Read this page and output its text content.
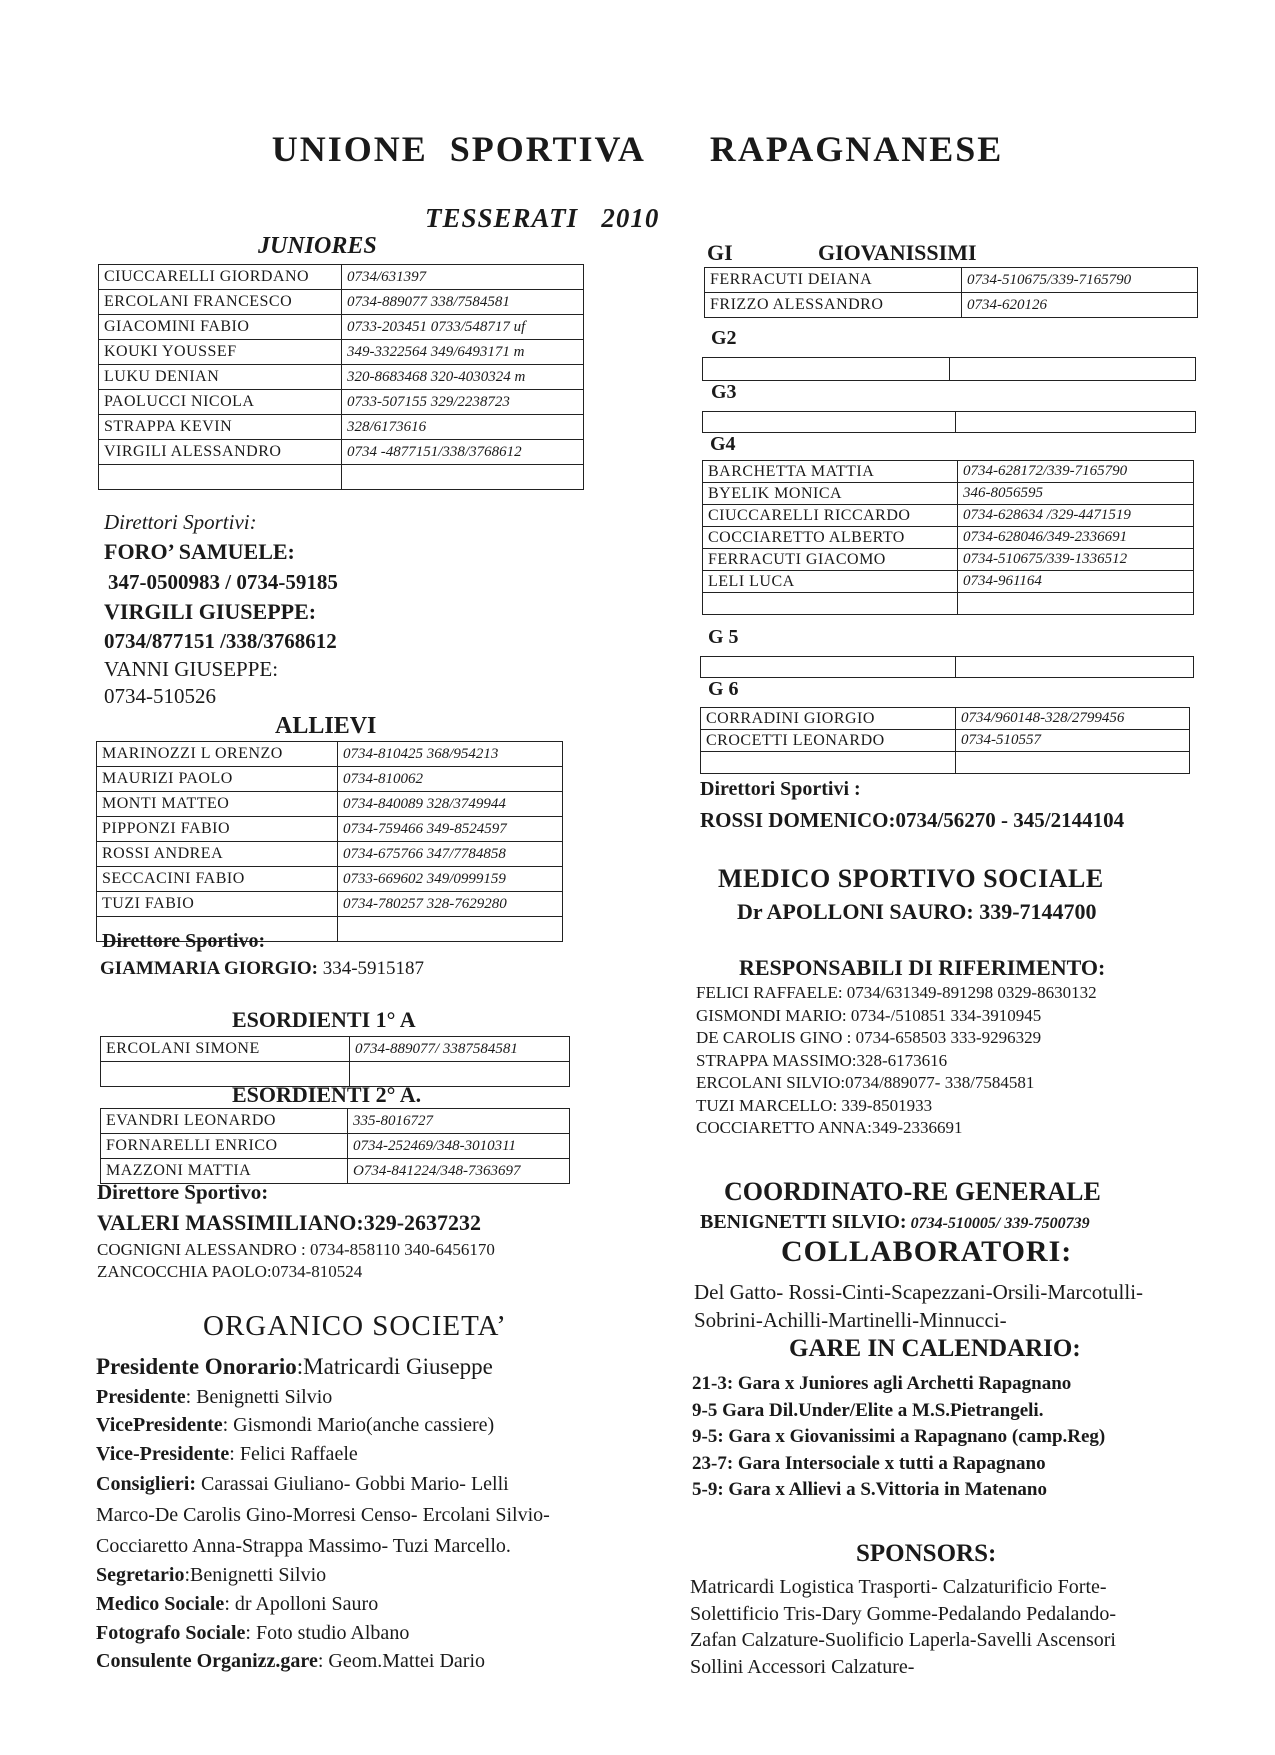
UNIONE  SPORTIVA      RAPAGNANESE
TESSERATI   2010
JUNIORES
CIUCCARELLI GIORDANO	0734/631397
ERCOLANI FRANCESCO	0734-889077 338/7584581
GIACOMINI FABIO	0733-203451 0733/548717 uf
KOUKI YOUSSEF	349-3322564 349/6493171 m
LUKU DENIAN	320-8683468 320-4030324 m
PAOLUCCI NICOLA	0733-507155 329/2238723
STRAPPA KEVIN	328/6173616
VIRGILI ALESSANDRO	0734 -4877151/338/3768612

Direttori Sportivi:
FORO’ SAMUELE:
347-0500983 / 0734-59185
VIRGILI GIUSEPPE:
0734/877151 /338/3768612
VANNI GIUSEPPE:
0734-510526
ALLIEVI
MARINOZZI L ORENZO	0734-810425 368/954213
MAURIZI PAOLO	0734-810062
MONTI MATTEO	0734-840089 328/3749944
PIPPONZI FABIO	0734-759466 349-8524597
ROSSI ANDREA	0734-675766 347/7784858
SECCACINI FABIO	0733-669602 349/0999159
TUZI FABIO	0734-780257 328-7629280

Direttore Sportivo:
GIAMMARIA GIORGIO: 334-5915187
ESORDIENTI 1° A
ERCOLANI SIMONE	0734-889077/ 3387584581

ESORDIENTI 2° A.
EVANDRI LEONARDO	335-8016727
FORNARELLI ENRICO	0734-252469/348-3010311
MAZZONI MATTIA	O734-841224/348-7363697
Direttore Sportivo:
VALERI MASSIMILIANO:329-2637232
COGNIGNI ALESSANDRO : 0734-858110 340-6456170
ZANCOCCHIA PAOLO:0734-810524
ORGANICO SOCIETA’
Presidente Onorario:Matricardi Giuseppe
Presidente: Benignetti Silvio
VicePresidente: Gismondi Mario(anche cassiere)
Vice-Presidente: Felici Raffaele
Consiglieri: Carassai Giuliano- Gobbi Mario- Lelli
Marco-De Carolis Gino-Morresi Censo- Ercolani Silvio-
Cocciaretto Anna-Strappa Massimo- Tuzi Marcello.
Segretario:Benignetti Silvio
Medico Sociale: dr Apolloni Sauro
Fotografo Sociale: Foto studio Albano
Consulente Organizz.gare: Geom.Mattei Dario
GI	GIOVANISSIMI
FERRACUTI DEIANA	0734-510675/339-7165790
FRIZZO ALESSANDRO	0734-620126
G2

G3

G4
BARCHETTA MATTIA	0734-628172/339-7165790
BYELIK MONICA	346-8056595
CIUCCARELLI RICCARDO	0734-628634 /329-4471519
COCCIARETTO ALBERTO	0734-628046/349-2336691
FERRACUTI GIACOMO	0734-510675/339-1336512
LELI LUCA	0734-961164

G 5

G 6
CORRADINI GIORGIO	0734/960148-328/2799456
CROCETTI LEONARDO	0734-510557

Direttori Sportivi :
ROSSI DOMENICO:0734/56270 - 345/2144104
MEDICO SPORTIVO SOCIALE
Dr APOLLONI SAURO: 339-7144700
RESPONSABILI DI RIFERIMENTO:
FELICI RAFFAELE: 0734/631349-891298 0329-8630132
GISMONDI MARIO: 0734-/510851 334-3910945
DE CAROLIS GINO : 0734-658503 333-9296329
STRAPPA MASSIMO:328-6173616
ERCOLANI SILVIO:0734/889077- 338/7584581
TUZI MARCELLO: 339-8501933
COCCIARETTO ANNA:349-2336691
COORDINATO-RE GENERALE
BENIGNETTI SILVIO: 0734-510005/ 339-7500739
COLLABORATORI:
Del Gatto- Rossi-Cinti-Scapezzani-Orsili-Marcotulli-
Sobrini-Achilli-Martinelli-Minnucci-
GARE IN CALENDARIO:
21-3: Gara x Juniores agli Archetti Rapagnano
9-5 Gara Dil.Under/Elite a M.S.Pietrangeli.
9-5: Gara x Giovanissimi a Rapagnano (camp.Reg)
23-7: Gara Intersociale x tutti a Rapagnano
5-9: Gara x Allievi a S.Vittoria in Matenano
SPONSORS:
Matricardi Logistica Trasporti- Calzaturificio Forte-
Solettificio Tris-Dary Gomme-Pedalando Pedalando-
Zafan Calzature-Suolificio Laperla-Savelli Ascensori
Sollini Accessori Calzature-
